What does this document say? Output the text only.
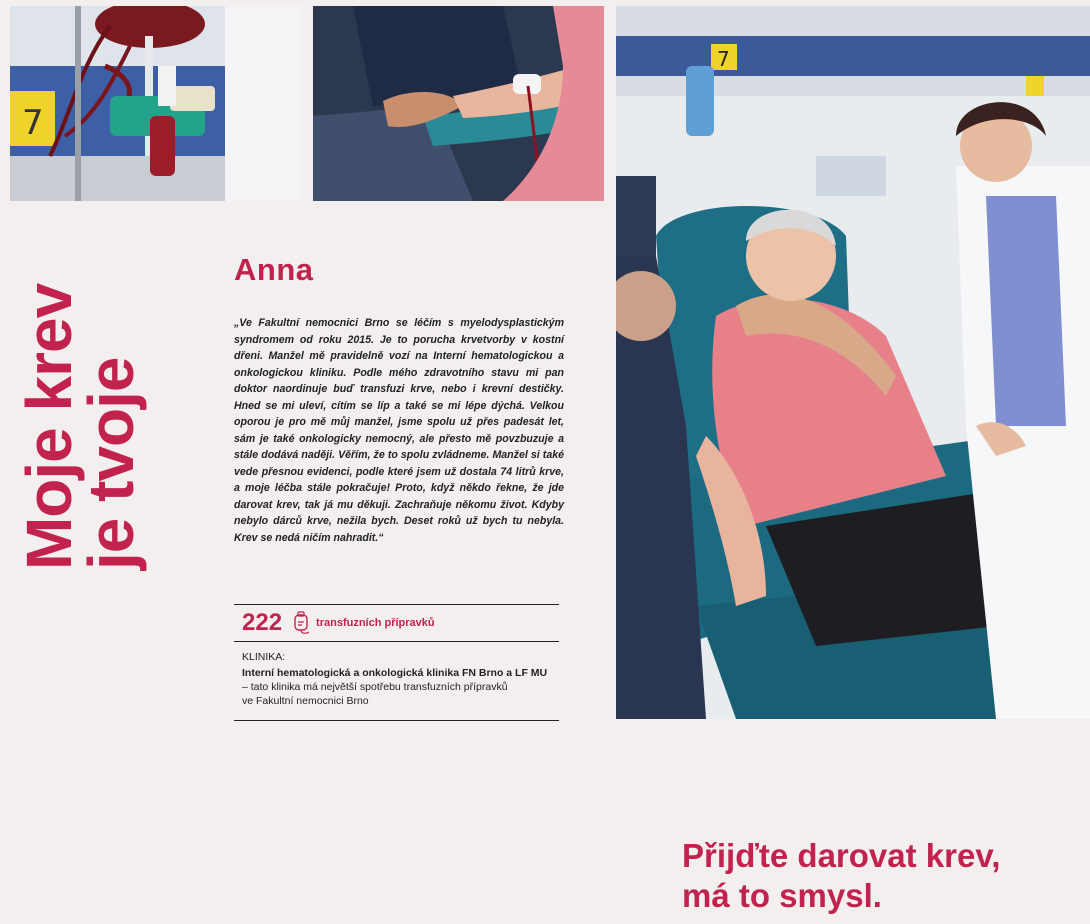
7
7
Moje krev
je tvoje
Anna
„Ve Fakultní nemocnici Brno se léčím s myelodysplastickým syndromem od roku 2015. Je to porucha krvetvorby v kostní dřeni. Manžel mě pravidelně vozí na Interní hematologickou a onkologickou kliniku. Podle mého zdravotního stavu mi pan doktor naordinuje buď transfuzi krve, nebo i krevní destičky. Hned se mi uleví, cítím se líp a také se mi lépe dýchá. Velkou oporou je pro mě můj manžel, jsme spolu už přes padesát let, sám je také onkologicky nemocný, ale přesto mě povzbuzuje a stále dodává naději. Věřím, že to spolu zvládneme. Manžel si také vede přesnou evidenci, podle které jsem už dostala 74 litrů krve, a moje léčba stále pokračuje! Proto, když někdo řekne, že jde darovat krev, tak já mu děkuji. Zachraňuje někomu život. Kdyby nebylo dárců krve, nežila bych. Deset roků už bych tu nebyla. Krev se nedá ničím nahradit.“
222	transfuzních přípravků
KLINIKA:
Interní hematologická a onkologická klinika FN Brno a LF MU
– tato klinika má největší spotřebu transfuzních přípravků
ve Fakultní nemocnici Brno
Přijďte darovat krev,
má to smysl.
